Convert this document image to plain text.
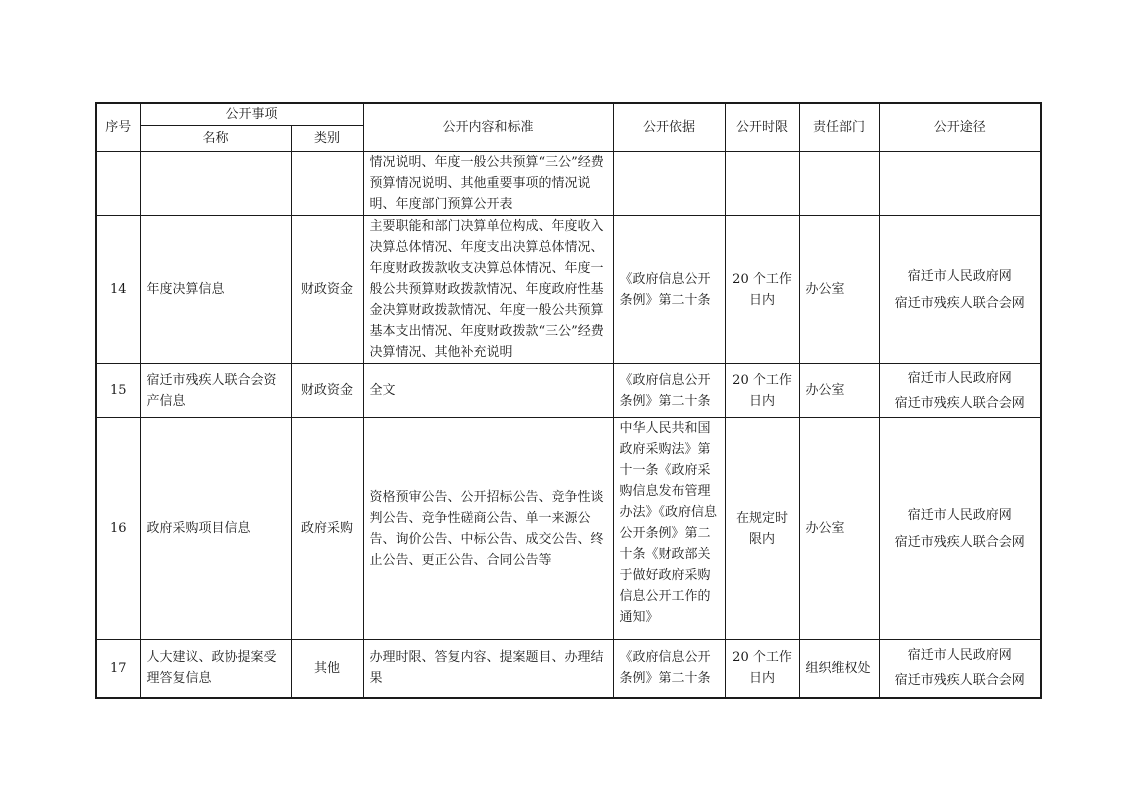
序号	公开事项		公开内容和标准	公开依据	公开时限	责任部门	公开途径
	名称	类别					
			情况说明、年度一般公共预算“三公”经费预算情况说明、其他重要事项的情况说明、年度部门预算公开表				

14	年度决算信息	财政资金	主要职能和部门决算单位构成、年度收入决算总体情况、年度支出决算总体情况、年度财政拨款收支决算总体情况、年度一般公共预算财政拨款情况、年度政府性基金决算财政拨款情况、年度一般公共预算基本支出情况、年度财政拨款“三公”经费决算情况、其他补充说明	《政府信息公开条例》第二十条	20 个工作日内	办公室	宿迁市人民政府网
宿迁市残疾人联合会网

15	宿迁市残疾人联合会资产信息	财政资金	全文	《政府信息公开条例》第二十条	20 个工作日内	办公室	宿迁市人民政府网
宿迁市残疾人联合会网

16	政府采购项目信息	政府采购	资格预审公告、公开招标公告、竞争性谈判公告、竞争性磋商公告、单一来源公告、询价公告、中标公告、成交公告、终止公告、更正公告、合同公告等	中华人民共和国政府采购法》第十一条《政府采购信息发布管理办法》《政府信息公开条例》第二十条《财政部关于做好政府采购信息公开工作的通知》	在规定时限内	办公室	宿迁市人民政府网
宿迁市残疾人联合会网

17	人大建议、政协提案受理答复信息	其他	办理时限、答复内容、提案题目、办理结果	《政府信息公开条例》第二十条	20 个工作日内	组织维权处	宿迁市人民政府网
宿迁市残疾人联合会网
